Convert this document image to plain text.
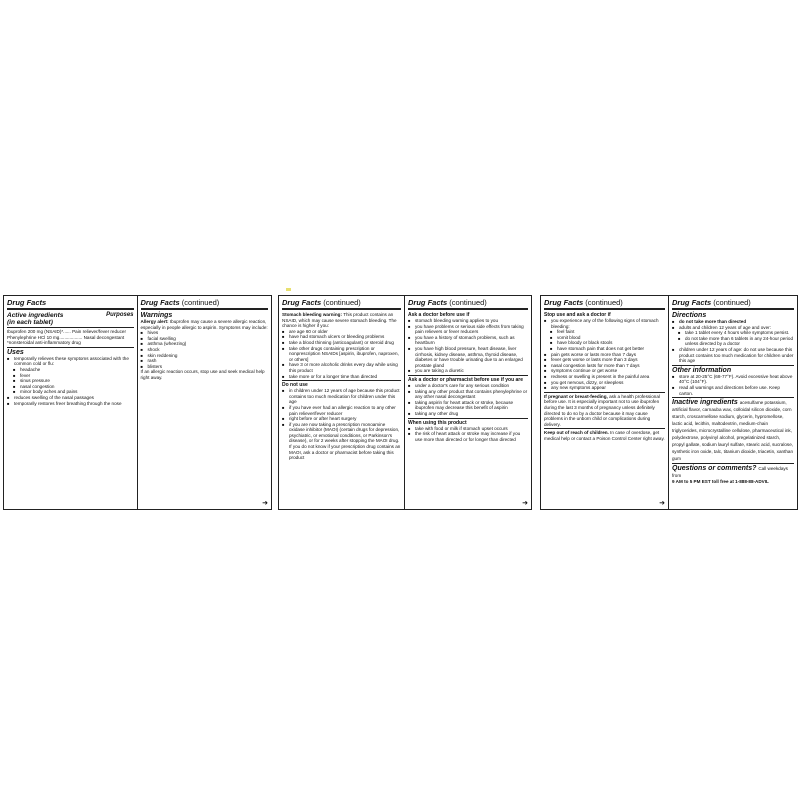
Drug Facts
Purposes
Active ingredients
(in each tablet)
Ibuprofen 200 mg (NSAID)*...... Pain reliever/fever reducer
Phenylephrine HCl 10 mg.................. Nasal decongestant
*nonsteroidal anti-inflammatory drug
Uses
■ temporarily relieves these symptoms associated with the common cold or flu:
■ headache
■ fever
■ sinus pressure
■ nasal congestion
■ minor body aches and pains
■ reduces swelling of the nasal passages
■ temporarily restores freer breathing through the nose
Drug Facts (continued)
Warnings
Allergy alert: Ibuprofen may cause a severe allergic reaction, especially in people allergic to aspirin. Symptoms may include:
■ hives
■ facial swelling
■ asthma (wheezing)
■ shock
■ skin reddening
■ rash
■ blisters
If an allergic reaction occurs, stop use and seek medical help right away.
➜
Drug Facts (continued)
Stomach bleeding warning: This product contains an NSAID, which may cause severe stomach bleeding. The chance is higher if you:
■ are age 60 or older
■ have had stomach ulcers or bleeding problems
■ take a blood thinning (anticoagulant) or steroid drug
■ take other drugs containing prescription or nonprescription NSAIDs [aspirin, ibuprofen, naproxen, or others]
■ have 3 or more alcoholic drinks every day while using this product
■ take more or for a longer time than directed
Do not use
■ in children under 12 years of age because this product contains too much medication for children under this age
■ if you have ever had an allergic reaction to any other pain reliever/fever reducer
■ right before or after heart surgery
■ if you are now taking a prescription monoamine oxidase inhibitor (MAOI) (certain drugs for depression, psychiatric, or emotional conditions, or Parkinson's disease), or for 2 weeks after stopping the MAOI drug. If you do not know if your prescription drug contains an MAOI, ask a doctor or pharmacist before taking this product
Drug Facts (continued)
Ask a doctor before use if
■ stomach bleeding warning applies to you
■ you have problems or serious side effects from taking pain relievers or fever reducers
■ you have a history of stomach problems, such as heartburn
■ you have high blood pressure, heart disease, liver cirrhosis, kidney disease, asthma, thyroid disease, diabetes or have trouble urinating due to an enlarged prostate gland
■ you are taking a diuretic
Ask a doctor or pharmacist before use if you are
■ under a doctor's care for any serious condition
■ taking any other product that contains phenylephrine or any other nasal decongestant
■ taking aspirin for heart attack or stroke, because ibuprofen may decrease this benefit of aspirin
■ taking any other drug
When using this product
■ take with food or milk if stomach upset occurs
■ the risk of heart attack or stroke may increase if you use more than directed or for longer than directed
➜
Drug Facts (continued)
Stop use and ask a doctor if
■ you experience any of the following signs of stomach bleeding:
■ feel faint
■ vomit blood
■ have bloody or black stools
■ have stomach pain that does not get better
■ pain gets worse or lasts more than 7 days
■ fever gets worse or lasts more than 3 days
■ nasal congestion lasts for more than 7 days
■ symptoms continue or get worse
■ redness or swelling is present in the painful area
■ you get nervous, dizzy, or sleepless
■ any new symptoms appear
If pregnant or breast-feeding, ask a health professional before use. It is especially important not to use ibuprofen during the last 3 months of pregnancy unless definitely directed to do so by a doctor because it may cause problems in the unborn child or complications during delivery.
Keep out of reach of children. In case of overdose, get medical help or contact a Poison Control Center right away.
➜
Drug Facts (continued)
Directions
■ do not take more than directed
■ adults and children 12 years of age and over:
■ take 1 tablet every 4 hours while symptoms persist.
■ do not take more than 6 tablets in any 24-hour period unless directed by a doctor
■ children under 12 years of age: do not use because this product contains too much medication for children under this age
Other information
■ store at 20-25°C (68-77°F). Avoid excessive heat above 40°C (104°F).
■ read all warnings and directions before use. Keep carton.
Inactive ingredients acesulfame potassium, artificial flavor, carnauba wax, colloidal silicon dioxide, corn starch, croscarmellose sodium, glycerin, hypromellose, lactic acid, lecithin, maltodextrin, medium-chain triglycerides, microcrystalline cellulose, pharmaceutical ink, polydextrose, polyvinyl alcohol, pregelatinized starch, propyl gallate, sodium lauryl sulfate, stearic acid, sucralose, synthetic iron oxide, talc, titanium dioxide, triacetin, xanthan gum
Questions or comments? Call weekdays from
9 AM to 5 PM EST toll free at 1-888-88-ADVIL
